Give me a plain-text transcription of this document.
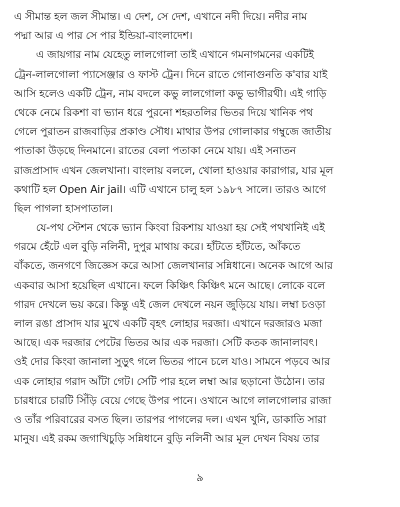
এ সীমান্ত হল জল সীমান্ত। এ দেশ, সে দেশ, এখানে নদী দিয়ে। নদীর নাম
পদ্মা আর এ পার সে পার ইন্ডিয়া-বাংলাদেশ।
এ জায়গার নাম যেহেতু লালগোলা তাই এখানে গমনাগমনের একটিই
ট্রেন-লালগোলা প্যাসেঞ্জার ও ফাস্ট ট্রেন। দিনে রাতে গোনাগুনতি ক'বার যাই
আসি হলেও একটি ট্রেন, নাম বদলে কভু লালগোলা কভু ভাগীরথী। এই গাড়ি
থেকে নেমে রিকশা বা ভ্যান ধরে পুরনো শহরতলির ভিতর দিয়ে খানিক পথ
গেলে পুরাতন রাজবাড়ির প্রকাণ্ড সৌধ। মাথার উপর গোলাকার গম্বুজে জাতীয়
পাতাকা উড়ছে দিনমানে। রাতের বেলা পতাকা নেমে যায়। এই সনাতন
রাজপ্রাসাদ এখন জেলখানা। বাংলায় বললে, খোলা হাওয়ার কারাগার, যার মূল
কথাটি হল Open Air jail। এটি এখানে চালু হল ১৯৮৭ সালে। তারও আগে
ছিল পাগলা হাসপাতাল।
যে-পথ স্টেশন থেকে ভ্যান কিংবা রিকশায় যাওয়া হয় সেই পথখানিই এই
গরমে হেঁটে এল বুড়ি নলিনী, দুপুর মাথায় করে। হাঁটতে হাঁটতে, আঁকতে
বাঁকতে, জনগণে জিজ্ঞেস করে আসা জেলখানার সন্নিধানে। অনেক আগে আর
একবার আসা হয়েছিল এখানে। ফলে কিঞ্চিৎ কিঞ্চিৎ মনে আছে। লোকে বলে
গারদ দেখলে ভয় করে। কিন্তু এই জেল দেখলে নয়ন জুড়িয়ে যায়। লম্বা চওড়া
লাল রঙা প্রাসাদ যার মুখে একটি বৃহৎ লোহার দরজা। এখানে দরজারও মজা
আছে। এক দরজার পেটের ভিতর আর এক দরজা। সেটি কতক জানালাবৎ।
ওই দোর কিংবা জানালা সুড়ুৎ গলে ভিতর পানে চলে যাও। সামনে পড়বে আর
এক লোহার গরাদ আঁটা গেট। সেটি পার হলে লম্বা আর ছড়ানো উঠোন। তার
চারধারে চারটি সিঁড়ি বেয়ে গেছে উপর পানে। ওখানে আগে লালগোলার রাজা
ও তাঁর পরিবারের বসত ছিল। তারপর পাগলের দল। এখন খুনি, ডাকাতি সারা
মানুষ। এই রকম জগাখিচুড়ি সন্নিধানে বুড়ি নলিনী আর মূল দেখন বিষয় তার
৯
